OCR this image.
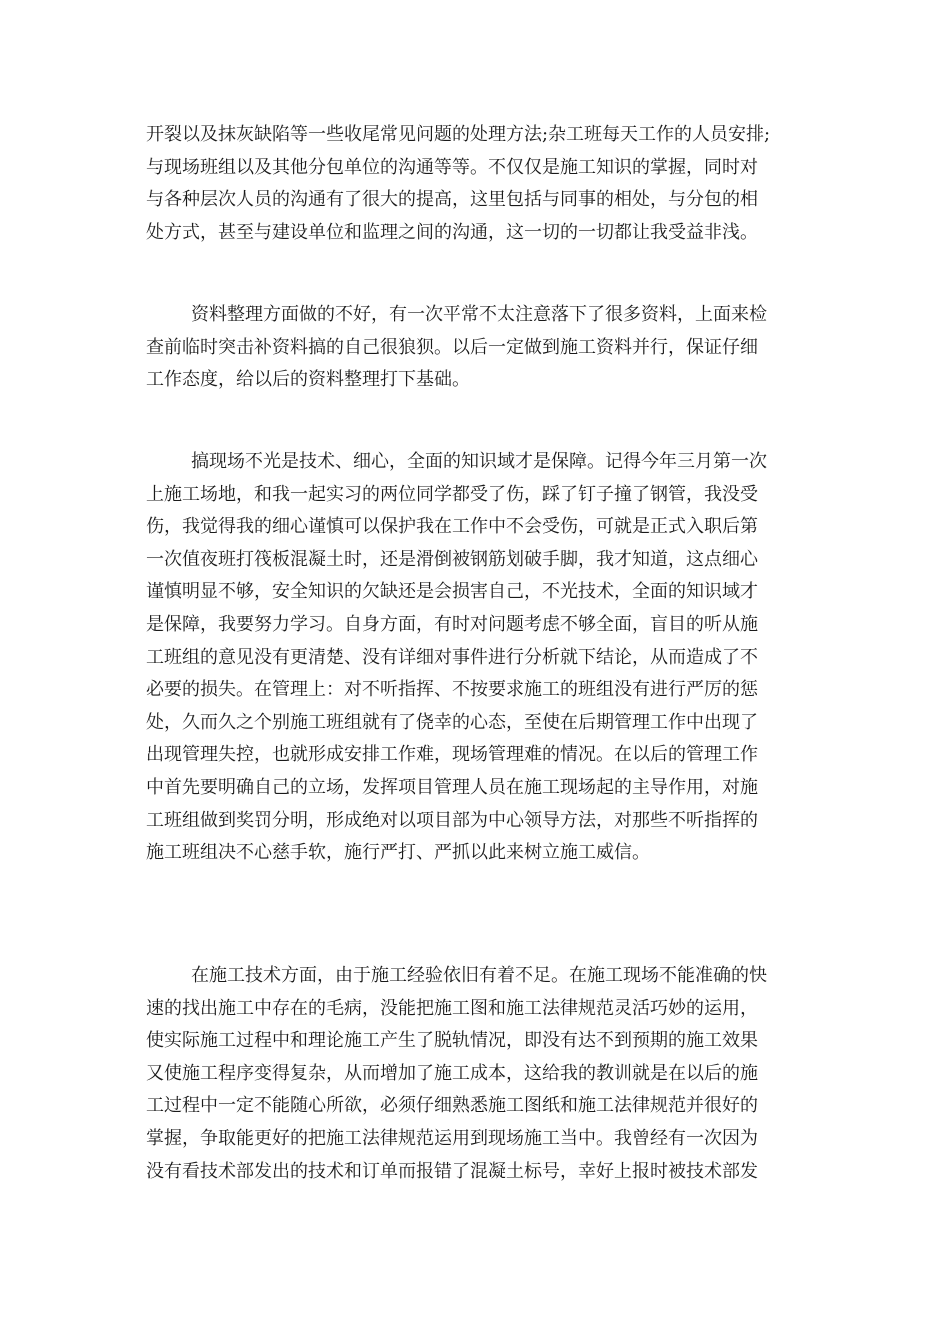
开裂以及抹灰缺陷等一些收尾常见问题的处理方法;杂工班每天工作的人员安排;
与现场班组以及其他分包单位的沟通等等。不仅仅是施工知识的掌握，同时对
与各种层次人员的沟通有了很大的提高，这里包括与同事的相处，与分包的相
处方式，甚至与建设单位和监理之间的沟通，这一切的一切都让我受益非浅。
资料整理方面做的不好，有一次平常不太注意落下了很多资料，上面来检
查前临时突击补资料搞的自己很狼狈。以后一定做到施工资料并行，保证仔细
工作态度，给以后的资料整理打下基础。
搞现场不光是技术、细心，全面的知识域才是保障。记得今年三月第一次
上施工场地，和我一起实习的两位同学都受了伤，踩了钉子撞了钢管，我没受
伤，我觉得我的细心谨慎可以保护我在工作中不会受伤，可就是正式入职后第
一次值夜班打筏板混凝土时，还是滑倒被钢筋划破手脚，我才知道，这点细心
谨慎明显不够，安全知识的欠缺还是会损害自己，不光技术，全面的知识域才
是保障，我要努力学习。自身方面，有时对问题考虑不够全面，盲目的听从施
工班组的意见没有更清楚、没有详细对事件进行分析就下结论，从而造成了不
必要的损失。在管理上：对不听指挥、不按要求施工的班组没有进行严厉的惩
处，久而久之个别施工班组就有了侥幸的心态，至使在后期管理工作中出现了
出现管理失控，也就形成安排工作难，现场管理难的情况。在以后的管理工作
中首先要明确自己的立场，发挥项目管理人员在施工现场起的主导作用，对施
工班组做到奖罚分明，形成绝对以项目部为中心领导方法，对那些不听指挥的
施工班组决不心慈手软，施行严打、严抓以此来树立施工威信。
在施工技术方面，由于施工经验依旧有着不足。在施工现场不能准确的快
速的找出施工中存在的毛病，没能把施工图和施工法律规范灵活巧妙的运用，
使实际施工过程中和理论施工产生了脱轨情况，即没有达不到预期的施工效果
又使施工程序变得复杂，从而增加了施工成本，这给我的教训就是在以后的施
工过程中一定不能随心所欲，必须仔细熟悉施工图纸和施工法律规范并很好的
掌握，争取能更好的把施工法律规范运用到现场施工当中。我曾经有一次因为
没有看技术部发出的技术和订单而报错了混凝土标号，幸好上报时被技术部发
